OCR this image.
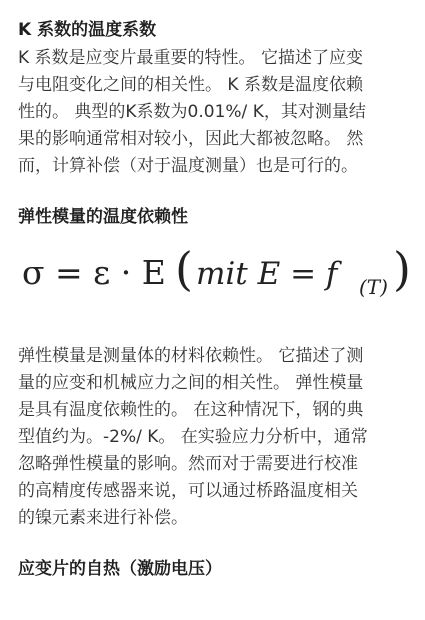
K 系数的温度系数

K 系数是应变片最重要的特性。 它描述了应变
与电阻变化之间的相关性。 K 系数是温度依赖
性的。 典型的K系数为0.01%/ K，其对测量结
果的影响通常相对较小，因此大都被忽略。 然
而，计算补偿（对于温度测量）也是可行的。

弹性模量的温度依赖性
σ = ε · E ( mit E = f (T) )

弹性模量是测量体的材料依赖性。 它描述了测
量的应变和机械应力之间的相关性。 弹性模量
是具有温度依赖性的。 在这种情况下，钢的典
型值约为。-2%/ K。 在实验应力分析中，通常
忽略弹性模量的影响。然而对于需要进行校准
的高精度传感器来说，可以通过桥路温度相关
的镍元素来进行补偿。

应变片的自热（激励电压）
